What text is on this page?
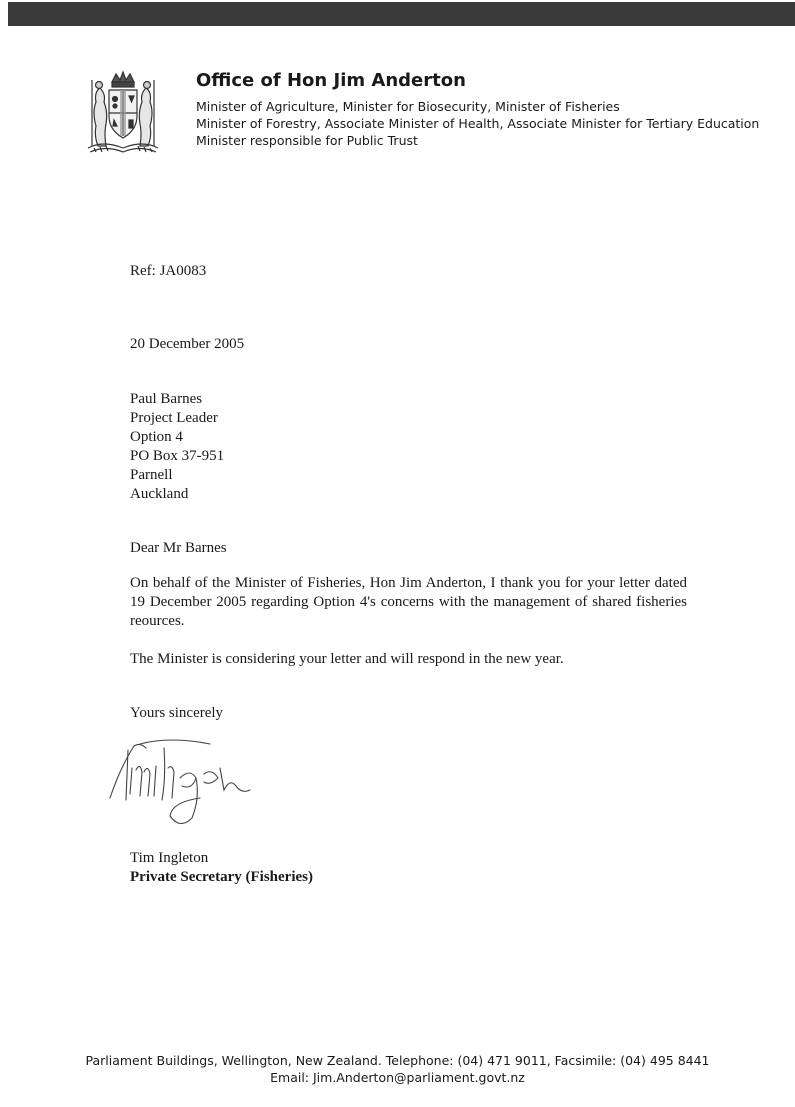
Office of Hon Jim Anderton
Minister of Agriculture, Minister for Biosecurity, Minister of Fisheries
Minister of Forestry, Associate Minister of Health, Associate Minister for Tertiary Education
Minister responsible for Public Trust
Ref: JA0083
20 December 2005
Paul Barnes
Project Leader
Option 4
PO Box 37-951
Parnell
Auckland
Dear Mr Barnes
On behalf of the Minister of Fisheries, Hon Jim Anderton, I thank you for your letter dated 19 December 2005 regarding Option 4's concerns with the management of shared fisheries reources.
The Minister is considering your letter and will respond in the new year.
Yours sincerely
Tim Ingleton
Private Secretary (Fisheries)
Parliament Buildings, Wellington, New Zealand. Telephone: (04) 471 9011, Facsimile: (04) 495 8441
Email: Jim.Anderton@parliament.govt.nz
